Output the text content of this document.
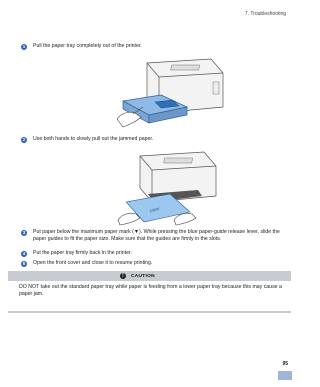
7. Troubleshooting
1	Pull the paper tray completely out of the printer.
2	Use both hands to slowly pull out the jammed paper.
paper
3	Put paper below the maximum paper mark (▼). While pressing the blue paper-guide release lever, slide the paper guides to fit the paper size. Make sure that the guides are firmly in the slots.
4	Put the paper tray firmly back in the printer.
5	Open the front cover and close it to resume printing.
!	CAUTION
DO NOT take out the standard paper tray while paper is feeding from a lower paper tray because this may cause a paper jam.
95
